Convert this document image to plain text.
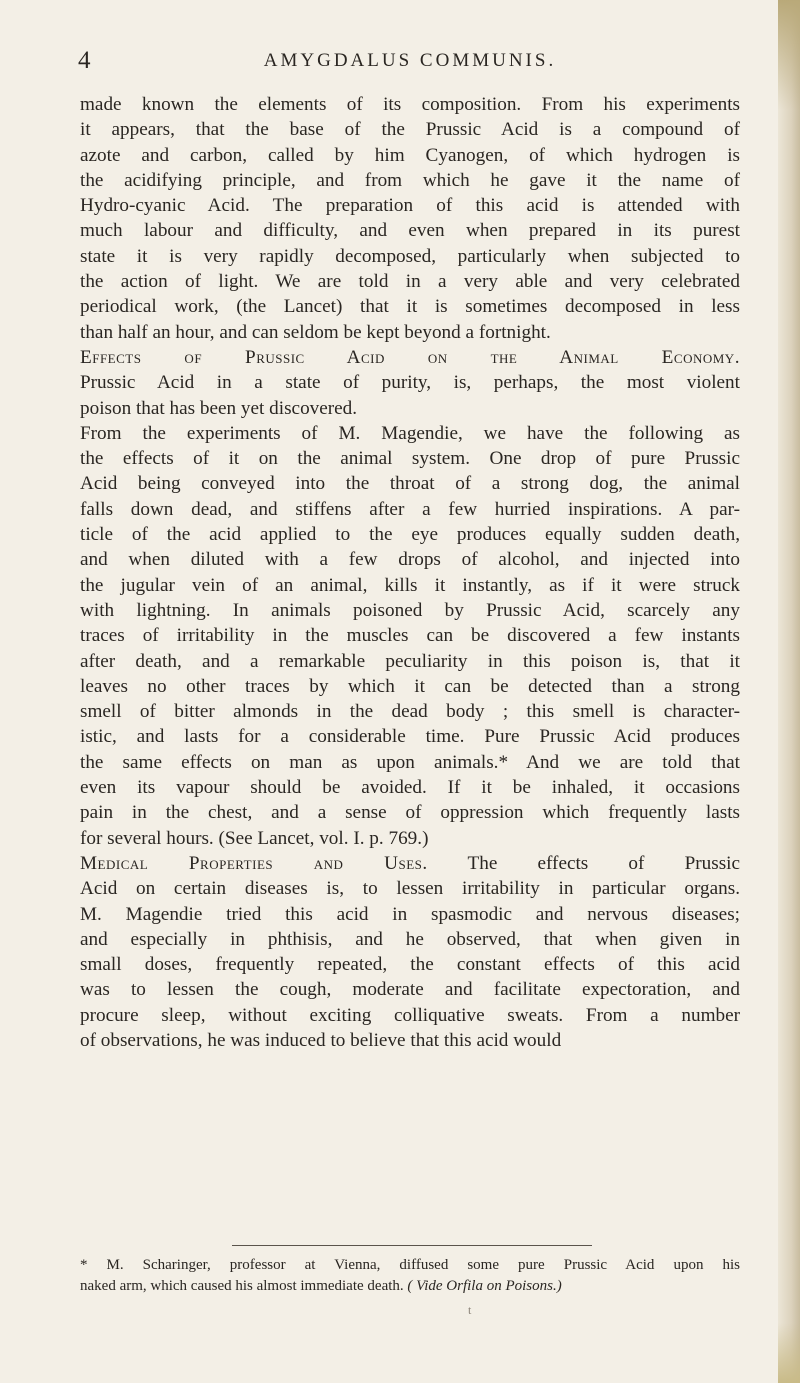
4	AMYGDALUS COMMUNIS.
made known the elements of its composition. From his experiments
it appears, that the base of the Prussic Acid is a compound of
azote and carbon, called by him Cyanogen, of which hydrogen is
the acidifying principle, and from which he gave it the name of
Hydro-cyanic Acid. The preparation of this acid is attended with
much labour and difficulty, and even when prepared in its purest
state it is very rapidly decomposed, particularly when subjected to
the action of light. We are told in a very able and very celebrated
periodical work, (the Lancet) that it is sometimes decomposed in less
than half an hour, and can seldom be kept beyond a fortnight.
Effects of Prussic Acid on the Animal Economy.
Prussic Acid in a state of purity, is, perhaps, the most violent
poison that has been yet discovered.
From the experiments of M. Magendie, we have the following as
the effects of it on the animal system. One drop of pure Prussic
Acid being conveyed into the throat of a strong dog, the animal
falls down dead, and stiffens after a few hurried inspirations. A par-
ticle of the acid applied to the eye produces equally sudden death,
and when diluted with a few drops of alcohol, and injected into
the jugular vein of an animal, kills it instantly, as if it were struck
with lightning. In animals poisoned by Prussic Acid, scarcely any
traces of irritability in the muscles can be discovered a few instants
after death, and a remarkable peculiarity in this poison is, that it
leaves no other traces by which it can be detected than a strong
smell of bitter almonds in the dead body ; this smell is character-
istic, and lasts for a considerable time. Pure Prussic Acid produces
the same effects on man as upon animals.* And we are told that
even its vapour should be avoided. If it be inhaled, it occasions
pain in the chest, and a sense of oppression which frequently lasts
for several hours. (See Lancet, vol. I. p. 769.)
Medical Properties and Uses. The effects of Prussic
Acid on certain diseases is, to lessen irritability in particular organs.
M. Magendie tried this acid in spasmodic and nervous diseases;
and especially in phthisis, and he observed, that when given in
small doses, frequently repeated, the constant effects of this acid
was to lessen the cough, moderate and facilitate expectoration, and
procure sleep, without exciting colliquative sweats. From a number
of observations, he was induced to believe that this acid would
* M. Scharinger, professor at Vienna, diffused some pure Prussic Acid upon his
naked arm, which caused his almost immediate death. ( Vide Orfila on Poisons.)
t
